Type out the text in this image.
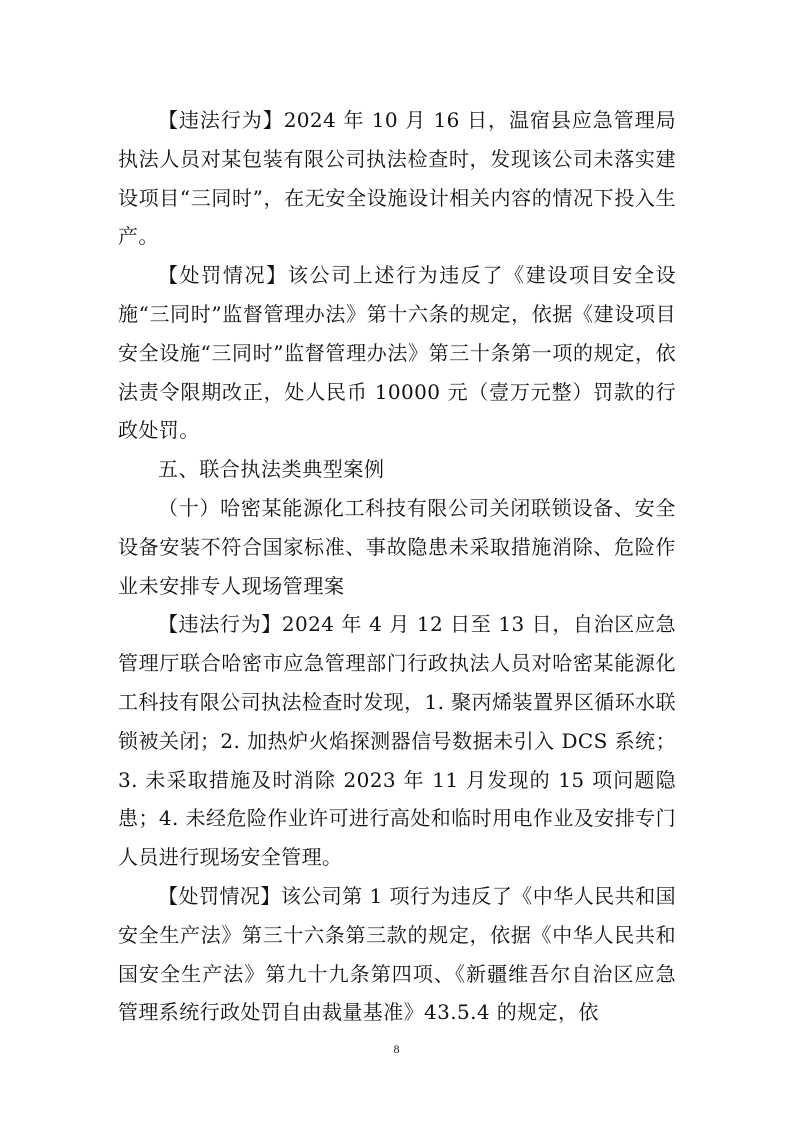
【违法行为】2024 年 10 月 16 日，温宿县应急管理局执法人员对某包装有限公司执法检查时，发现该公司未落实建设项目“三同时”，在无安全设施设计相关内容的情况下投入生产。

【处罚情况】该公司上述行为违反了《建设项目安全设施“三同时”监督管理办法》第十六条的规定，依据《建设项目安全设施“三同时”监督管理办法》第三十条第一项的规定，依法责令限期改正，处人民币 10000 元（壹万元整）罚款的行政处罚。

五、联合执法类典型案例
（十）哈密某能源化工科技有限公司关闭联锁设备、安全设备安装不符合国家标准、事故隐患未采取措施消除、危险作业未安排专人现场管理案

【违法行为】2024 年 4 月 12 日至 13 日，自治区应急管理厅联合哈密市应急管理部门行政执法人员对哈密某能源化工科技有限公司执法检查时发现，1. 聚丙烯装置界区循环水联锁被关闭；2. 加热炉火焰探测器信号数据未引入 DCS 系统；3. 未采取措施及时消除 2023 年 11 月发现的 15 项问题隐患；4. 未经危险作业许可进行高处和临时用电作业及安排专门人员进行现场安全管理。

【处罚情况】该公司第 1 项行为违反了《中华人民共和国安全生产法》第三十六条第三款的规定，依据《中华人民共和国安全生产法》第九十九条第四项、《新疆维吾尔自治区应急管理系统行政处罚自由裁量基准》43.5.4 的规定，依

8
